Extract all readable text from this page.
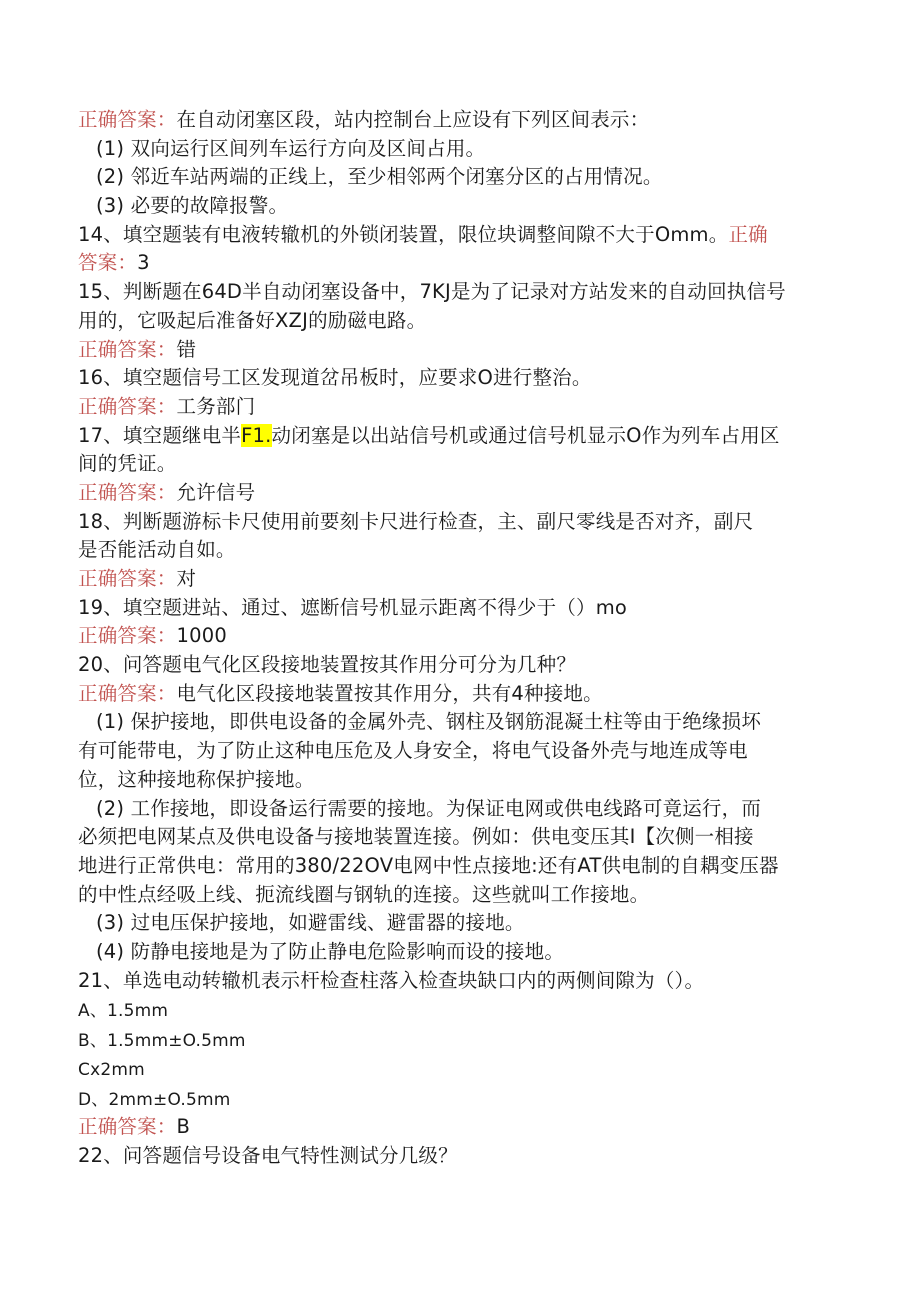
正确答案：在自动闭塞区段，站内控制台上应设有下列区间表示：
(1) 双向运行区间列车运行方向及区间占用。
(2) 邻近车站两端的正线上，至少相邻两个闭塞分区的占用情况。
(3) 必要的故障报警。
14、填空题装有电液转辙机的外锁闭装置，限位块调整间隙不大于Omm。正确
答案：3
15、判断题在64D半自动闭塞设备中，7KJ是为了记录对方站发来的自动回执信号
用的，它吸起后准备好XZJ的励磁电路。
正确答案：错
16、填空题信号工区发现道岔吊板时，应要求O进行整治。
正确答案：工务部门
17、填空题继电半F1.动闭塞是以出站信号机或通过信号机显示O作为列车占用区
间的凭证。
正确答案：允许信号
18、判断题游标卡尺使用前要刻卡尺进行检查，主、副尺零线是否对齐，副尺
是否能活动自如。
正确答案：对
19、填空题进站、通过、遮断信号机显示距离不得少于（）mo
正确答案：1000
20、问答题电气化区段接地装置按其作用分可分为几种？
正确答案：电气化区段接地装置按其作用分，共有4种接地。
(1) 保护接地，即供电设备的金属外壳、钢柱及钢筋混凝土柱等由于绝缘损坏
有可能带电，为了防止这种电压危及人身安全，将电气设备外壳与地连成等电
位，这种接地称保护接地。
(2) 工作接地，即设备运行需要的接地。为保证电网或供电线路可竟运行，而
必须把电网某点及供电设备与接地装置连接。例如：供电变压其I【次侧一相接
地进行正常供电：常用的380/22OV电网中性点接地:还有AT供电制的自耦变压器
的中性点经吸上线、扼流线圈与钢轨的连接。这些就叫工作接地。
(3) 过电压保护接地，如避雷线、避雷器的接地。
(4) 防静电接地是为了防止静电危险影响而设的接地。
21、单选电动转辙机表示杆检查柱落入检查块缺口内的两侧间隙为（）。
A、1.5mm
B、1.5mm±O.5mm
Cx2mm
D、2mm±O.5mm
正确答案：B
22、问答题信号设备电气特性测试分几级？
